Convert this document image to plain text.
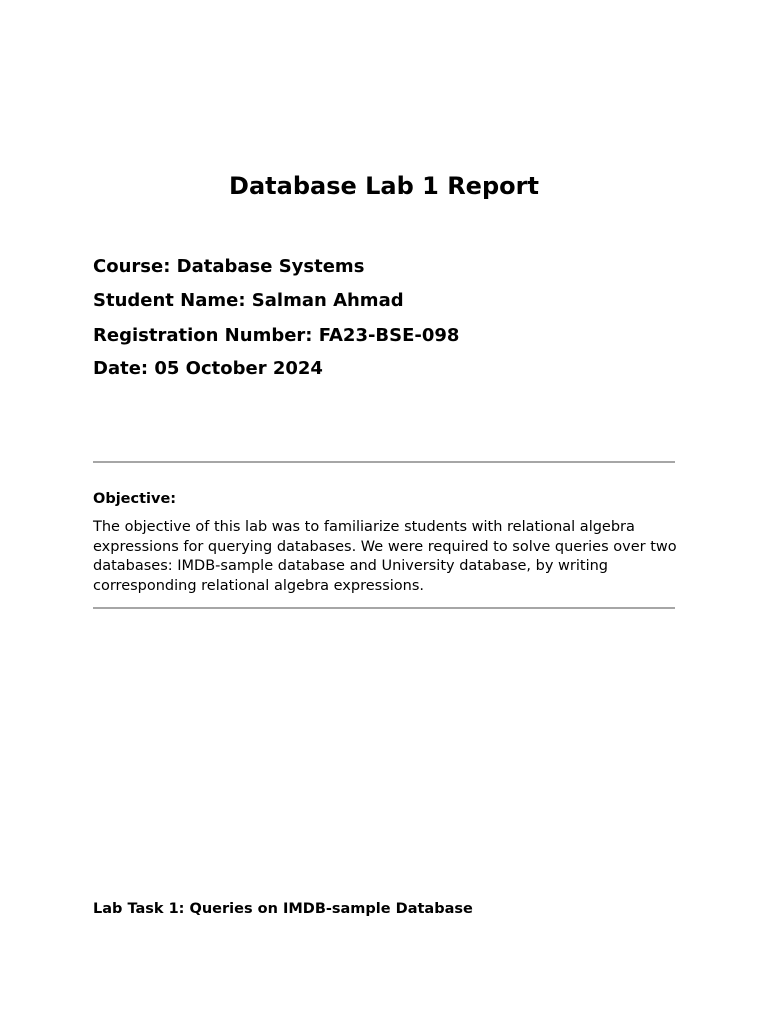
Database Lab 1 Report

Course: Database Systems

Student Name: Salman Ahmad

Registration Number: FA23-BSE-098

Date: 05 October 2024

Objective:

The objective of this lab was to familiarize students with relational algebra expressions for querying databases. We were required to solve queries over two databases: IMDB-sample database and University database, by writing corresponding relational algebra expressions.

Lab Task 1: Queries on IMDB-sample Database
